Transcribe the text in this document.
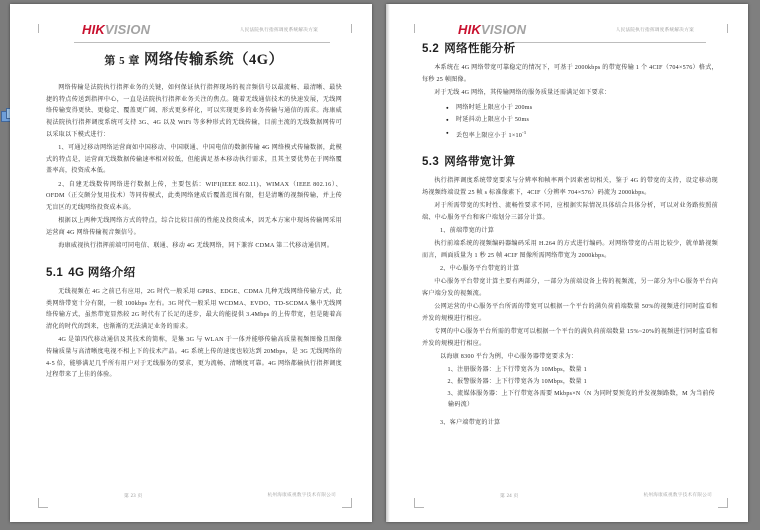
HIKVISION	人民法院执行指挥调度系统解决方案
第 5 章 网络传输系统（4G）

网络传输是法院执行指挥业务的关键，如何保证执行指挥现场的视音频信号以最流畅、最清晰、最快捷的特点传送到指挥中心，一直是法院执行指挥业务关注的焦点。随着无线通信技术的快速发展，无线网络传输变得更快、更稳定、覆盖更广阔、形式更多样化，可以实现更多的业务传输与通信的需求。海康威视法院执行指挥调度系统可支持 3G、4G 以及 WiFi 等多种形式的无线传输，目前主流的无线数据网传可以采取以下模式进行：

1、可通过移动网络运营商如中国移动、中国联通、中国电信的数据传输 4G 网络模式传输数据，此模式的特点是，运营商无线数据传输速率相对较低，但能满足基本移动执行需求，且其主要优势在于网络覆盖率高，投资成本低。

2、自建无线数传网络进行数据上传，主要包括：WIFI(IEEE 802.11)、WIMAX（IEEE 802.16）、OFDM（正交颇分复用技术）等同传模式，此类网络建成后覆盖范围有限，但是清晰的视频传输，并上传无盲区的无线网络投资成本高。

根据以上两种无线网络方式的特点，综合比较目前的性能及投资成本，因无本方案中现场传输网采用运营商 4G 网络传输视音频信号。

海康威视执行指挥前端可同电信、联通、移动 4G 无线网络，同下兼容 CDMA 第二代移动通信网。

5.1 4G 网络介绍

无线视频在 4G 之前已有应用，2G 时代一般采用 GPRS、EDGE、CDMA 几种无线网络传输方式，此类网络带宽十分有限，一般 100kbps 左右。3G 时代一般采用 WCDMA、EVDO、TD-SCDMA 集中无线网络传输方式，虽然带宽显然较 2G 时代有了长足的进步，最大的能提供 3.4Mbps 的上传带宽，但是随着高清化的时代的到来，也渐渐的无法满足业务的需求。

4G 是第四代移动通信及其技术的简称，是集 3G 与 WLAN 于一体并能够传输高质量视频图像且图像传输质量与高清晰度电视不相上下的技术产品。4G 系统上传的速度也较达到 20Mbps，是 3G 无线网络的 4-5 倍，能够满足几乎所有用户对于无线服务的要求，更为流畅、清晰度可靠。4G 网络都输执行指挥调度过程带来了上佳的体验。

第 23 页	杭州海康威视数字技术有限公司
HIKVISION	人民法院执行指挥调度系统解决方案
5.2 网络性能分析

本系统在 4G 网络带宽可靠稳定的情况下，可基于 2000kbps 的带宽传输 1 个 4CIF（704×576）格式，每秒 25 帧图像。

对于无线 4G 网络，其传输网络的服务质量还需满足如下要求：

● 网络时延上限应小于 200ms
● 时延抖动上限应小于 50ms
● 丢包率上限应小于 $1\times 10^{-3}$
5.3 网络带宽计算

执行指挥调度系统带宽要求与分辨率和帧率两个因素密切相关，鉴于 4G 的带宽的支持，设定移动现场视频终端设置 25 帧 s 标准像素下，4CIF（分辨率 704×576）码流为 2000kbps。

对于所需带宽的实时性、流畅性要求不同，应根据实际情况具体结合具体分析，可以对业务路按照前端、中心服务平台和客户端划分三部分计算。

1、前端带宽的计算

执行前端系统的视频编码器编码采用 H.264 的方式进行编码。对网络带宽的占用比较少，就单路视频而言，画面质量为 1 秒 25 帧 4CIF 图像所需网络带宽为 2000kbps。

2、中心服务平台带宽的计算

中心服务平台带宽计算主要有两部分，一部分为前端设备上传的视频流，另一部分为中心服务平台向客户端分发的视频流。

公网运营的中心服务平台所需的带宽可以根据一个平台的满负荷前端数量 50%的视频进行同时监看和并发的规模进行相应。

专网的中心服务平台所需的带宽可以根据一个平台的满负荷前端数量 15%~20%的视频进行同时监看和并发的规模进行相应。

以海康 8300 平台为例，中心服务器带宽要求为：

1、注册服务器：上下行带宽各为 10Mbps，数量 1
2、报警服务器：上下行带宽各为 10Mbps，数量 1
3、流媒体服务器：上下行带宽各需要 Mkbps×N（N 为同时要预览的并发视频路数，M 为当前传输码流）

3、客户端带宽的计算

第 24 页	杭州海康威视数字技术有限公司
